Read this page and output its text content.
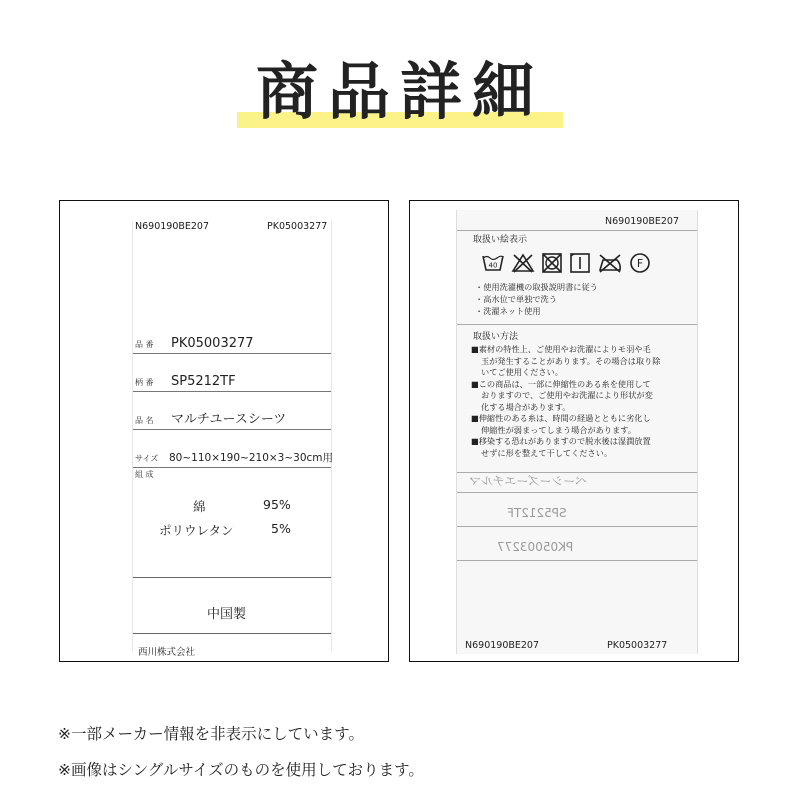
商品詳細
N690190BE207	PK05003277
品 番 PK05003277
柄 番 SP5212TF
品 名 マルチユースシーツ
サイズ 80~110×190~210×3~30cm用
組 成
綿	95%
ポリウレタン	5%
中国製
西川株式会社
N690190BE207
取扱い絵表示
40	F
・使用洗濯機の取扱説明書に従う
・高水位で単独で洗う
・洗濯ネット使用
取扱い方法

■素材の特性上、ご使用やお洗濯によりモ羽や毛

玉が発生することがあります。その場合は取り除

いてご使用ください。

■この商品は、一部に伸縮性のある糸を使用して

おりますので、ご使用やお洗濯により形状が変

化する場合があります。

■伸縮性のある糸は、時間の経過とともに劣化し

伸縮性が弱まってしまう場合があります。

■移染する恐れがありますので脱水後は湿潤放置

せずに形を整えて干してください。

ベーシーズーエチルマ
SP5212TF
PK05003277
N690190BE207	PK05003277
※一部メーカー情報を非表示にしています。
※画像はシングルサイズのものを使用しております。
